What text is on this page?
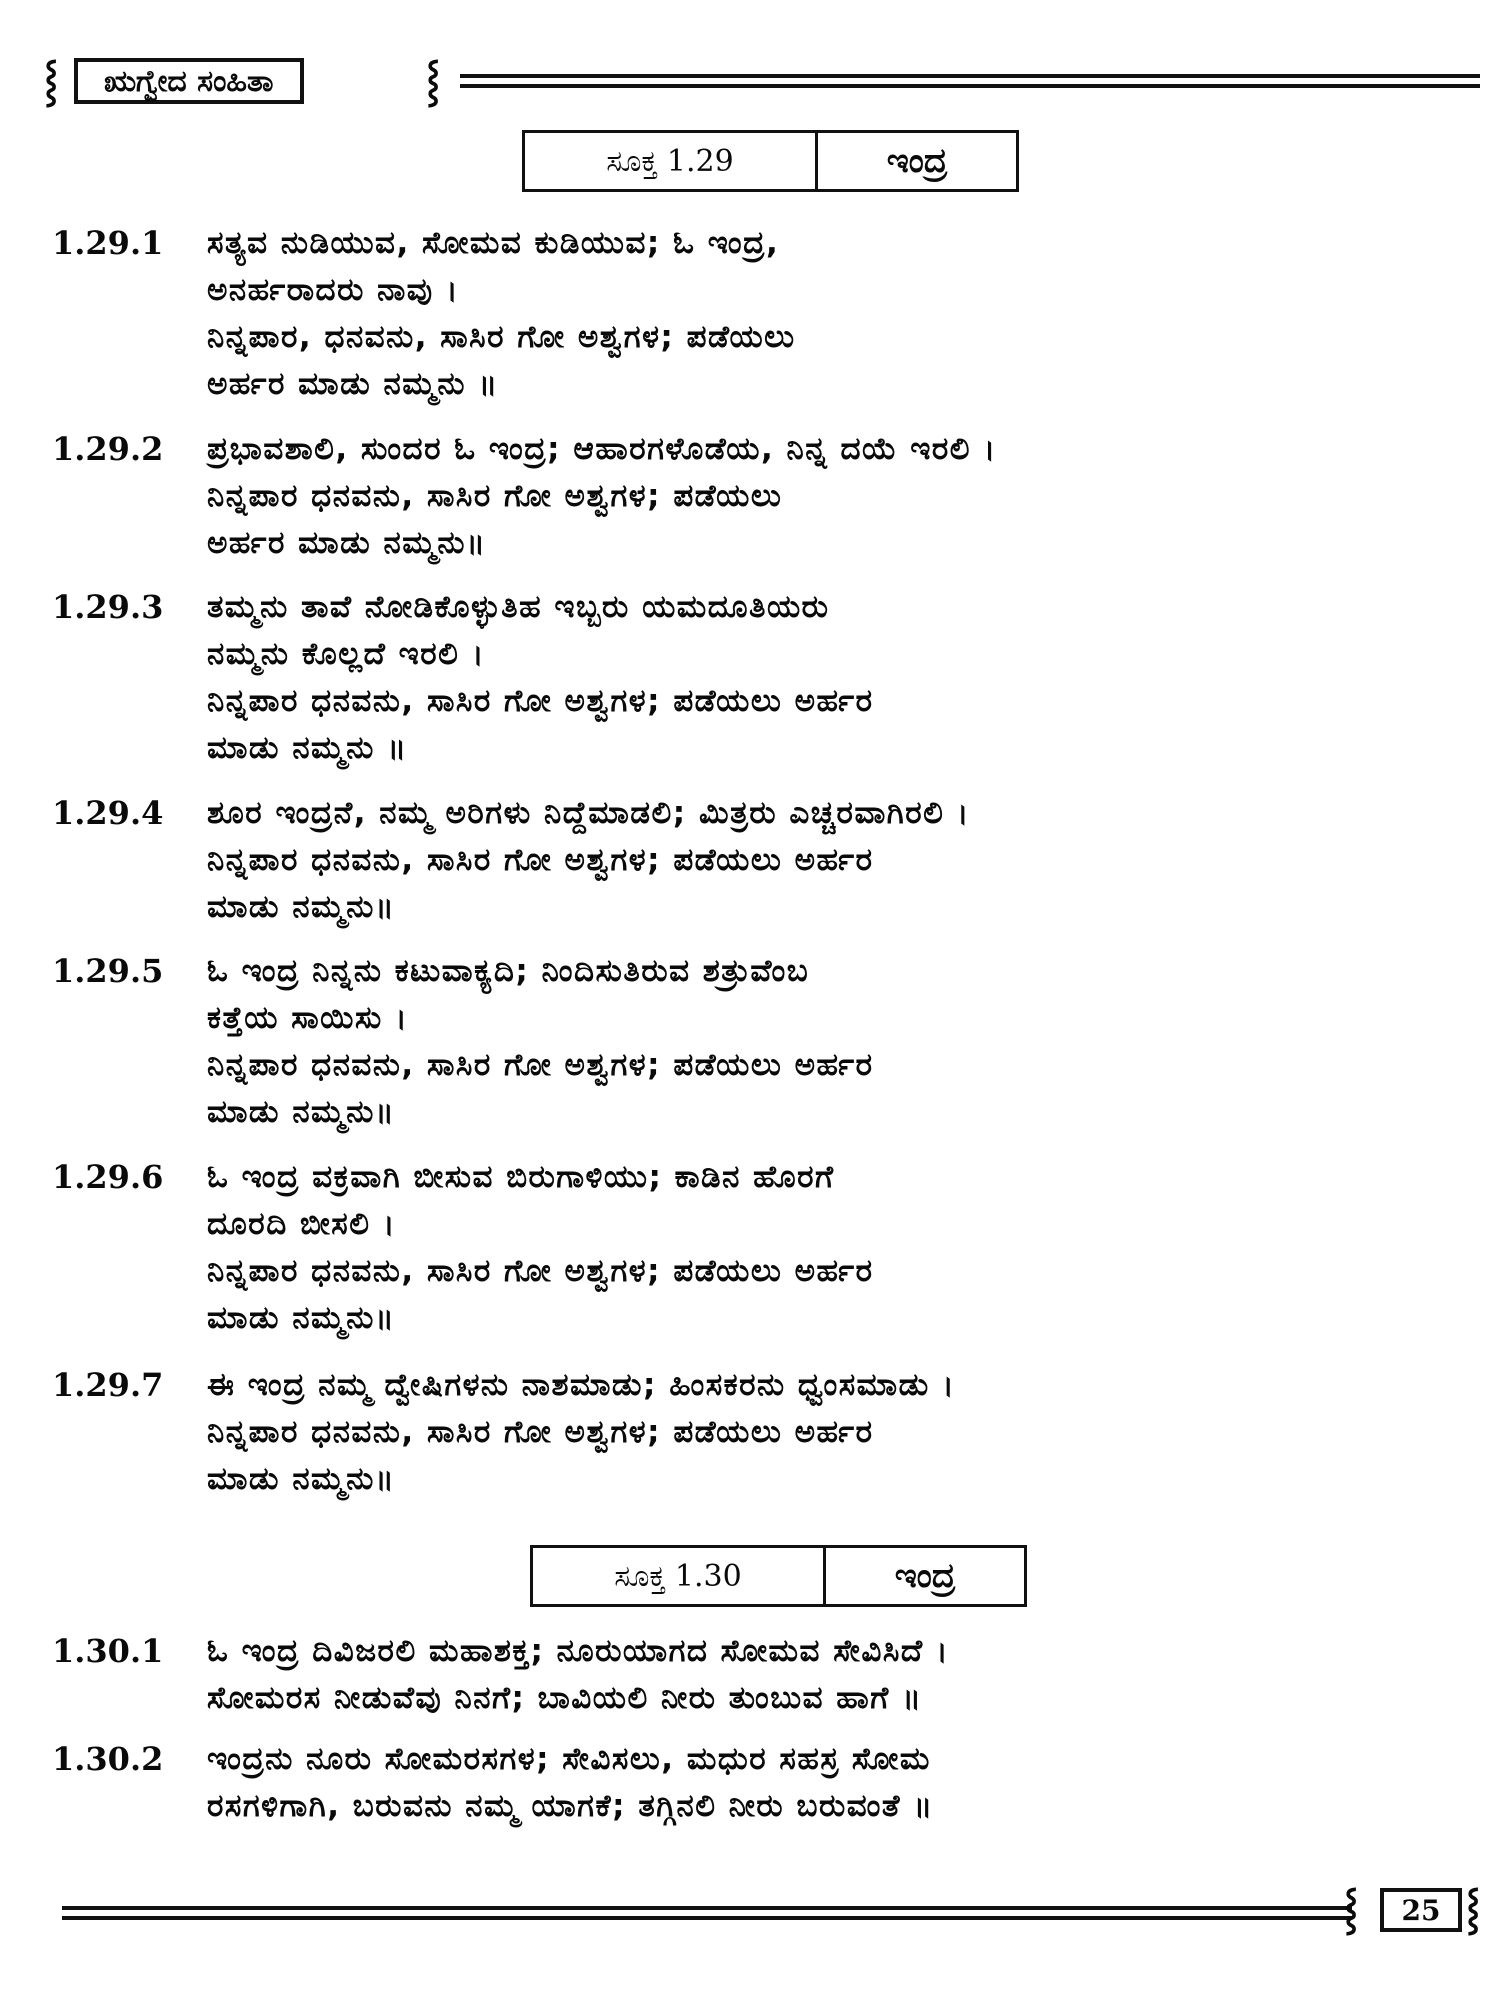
⸾ ಋಗ್ವೇದ ಸಂಹಿತಾ	⸾
ಸೂಕ್ತ 1.29	ಇಂದ್ರ
1.29.1	ಸತ್ಯವ ನುಡಿಯುವ, ಸೋಮವ ಕುಡಿಯುವ; ಓ ಇಂದ್ರ,
ಅನರ್ಹರಾದರು ನಾವು ।
ನಿನ್ನಪಾರ, ಧನವನು, ಸಾಸಿರ ಗೋ ಅಶ್ವಗಳ; ಪಡೆಯಲು
ಅರ್ಹರ ಮಾಡು ನಮ್ಮನು ॥
1.29.2	ಪ್ರಭಾವಶಾಲಿ, ಸುಂದರ ಓ ಇಂದ್ರ; ಆಹಾರಗಳೊಡೆಯ, ನಿನ್ನ ದಯೆ ಇರಲಿ ।
ನಿನ್ನಪಾರ ಧನವನು, ಸಾಸಿರ ಗೋ ಅಶ್ವಗಳ; ಪಡೆಯಲು
ಅರ್ಹರ ಮಾಡು ನಮ್ಮನು॥
1.29.3	ತಮ್ಮನು ತಾವೆ ನೋಡಿಕೊಳ್ಳುತಿಹ ಇಬ್ಬರು ಯಮದೂತಿಯರು
ನಮ್ಮನು ಕೊಲ್ಲದೆ ಇರಲಿ ।
ನಿನ್ನಪಾರ ಧನವನು, ಸಾಸಿರ ಗೋ ಅಶ್ವಗಳ; ಪಡೆಯಲು ಅರ್ಹರ
ಮಾಡು ನಮ್ಮನು ॥
1.29.4	ಶೂರ ಇಂದ್ರನೆ, ನಮ್ಮ ಅರಿಗಳು ನಿದ್ದೆಮಾಡಲಿ; ಮಿತ್ರರು ಎಚ್ಚರವಾಗಿರಲಿ ।
ನಿನ್ನಪಾರ ಧನವನು, ಸಾಸಿರ ಗೋ ಅಶ್ವಗಳ; ಪಡೆಯಲು ಅರ್ಹರ
ಮಾಡು ನಮ್ಮನು॥
1.29.5	ಓ ಇಂದ್ರ ನಿನ್ನನು ಕಟುವಾಕ್ಯದಿ; ನಿಂದಿಸುತಿರುವ ಶತ್ರುವೆಂಬ
ಕತ್ತೆಯ ಸಾಯಿಸು ।
ನಿನ್ನಪಾರ ಧನವನು, ಸಾಸಿರ ಗೋ ಅಶ್ವಗಳ; ಪಡೆಯಲು ಅರ್ಹರ
ಮಾಡು ನಮ್ಮನು॥
1.29.6	ಓ ಇಂದ್ರ ವಕ್ರವಾಗಿ ಬೀಸುವ ಬಿರುಗಾಳಿಯು; ಕಾಡಿನ ಹೊರಗೆ
ದೂರದಿ ಬೀಸಲಿ ।
ನಿನ್ನಪಾರ ಧನವನು, ಸಾಸಿರ ಗೋ ಅಶ್ವಗಳ; ಪಡೆಯಲು ಅರ್ಹರ
ಮಾಡು ನಮ್ಮನು॥
1.29.7	ಈ ಇಂದ್ರ ನಮ್ಮ ದ್ವೇಷಿಗಳನು ನಾಶಮಾಡು; ಹಿಂಸಕರನು ಧ್ವಂಸಮಾಡು ।
ನಿನ್ನಪಾರ ಧನವನು, ಸಾಸಿರ ಗೋ ಅಶ್ವಗಳ; ಪಡೆಯಲು ಅರ್ಹರ
ಮಾಡು ನಮ್ಮನು॥
ಸೂಕ್ತ 1.30	ಇಂದ್ರ
1.30.1	ಓ ಇಂದ್ರ ದಿವಿಜರಲಿ ಮಹಾಶಕ್ತ; ನೂರುಯಾಗದ ಸೋಮವ ಸೇವಿಸಿದೆ ।
ಸೋಮರಸ ನೀಡುವೆವು ನಿನಗೆ; ಬಾವಿಯಲಿ ನೀರು ತುಂಬುವ ಹಾಗೆ ॥
1.30.2	ಇಂದ್ರನು ನೂರು ಸೋಮರಸಗಳ; ಸೇವಿಸಲು, ಮಧುರ ಸಹಸ್ರ ಸೋಮ
ರಸಗಳಿಗಾಗಿ, ಬರುವನು ನಮ್ಮ ಯಾಗಕೆ; ತಗ್ಗಿನಲಿ ನೀರು ಬರುವಂತೆ ॥
⸾ 25 ⸾
